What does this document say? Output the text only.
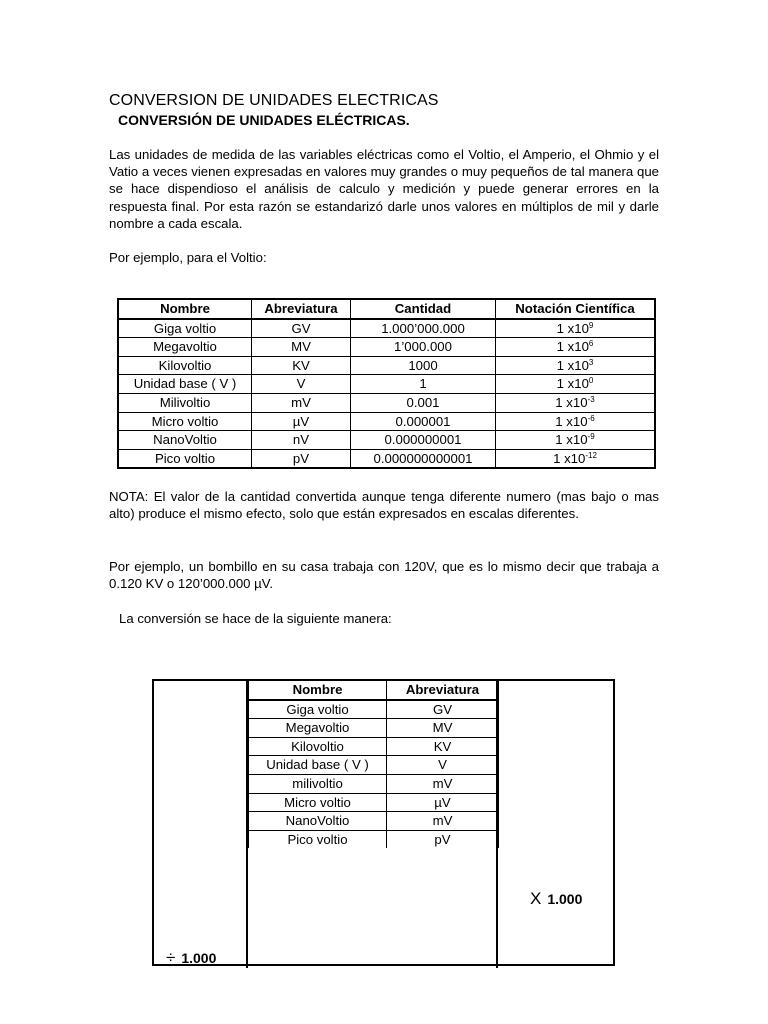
CONVERSION DE UNIDADES ELECTRICAS
CONVERSIÓN DE UNIDADES ELÉCTRICAS.
Las unidades de medida de las variables eléctricas como el Voltio, el Amperio, el Ohmio y el Vatio a veces vienen expresadas en valores muy grandes o muy pequeños de tal manera que se hace dispendioso el análisis de calculo y medición y puede generar errores en la respuesta final. Por esta razón se estandarizó darle unos valores en múltiplos de mil y darle nombre a cada escala.
Por ejemplo, para el Voltio:
Nombre	Abreviatura	Cantidad	Notación Científica
Giga voltio	GV	1.000’000.000	1 $x10^9$
Megavoltio	MV	1’000.000	1 $x10^6$
Kilovoltio	KV	1000	1 $x10^3$
Unidad base ( V )	V	1	1 $x10^0$
Milivoltio	mV	0.001	1 $x10^{-3}$
Micro voltio	µV	0.000001	1 $x10^{-6}$
NanoVoltio	nV	0.000000001	1 $x10^{-9}$
Pico voltio	pV	0.000000000001	1 $x10^{-12}$
NOTA: El valor de la cantidad convertida aunque tenga diferente numero (mas bajo o mas alto) produce el mismo efecto, solo que están expresados en escalas diferentes.
Por ejemplo, un bombillo en su casa trabaja con 120V, que es lo mismo decir que trabaja a 0.120 KV o 120’000.000 µV.
La conversión se hace de la siguiente manera:
Nombre	Abreviatura
Giga voltio	GV
Megavoltio	MV
Kilovoltio	KV
Unidad base ( V )	V
milivoltio	mV
Micro voltio	µV
NanoVoltio	mV
Pico voltio	pV
X 1.000
÷ 1.000
